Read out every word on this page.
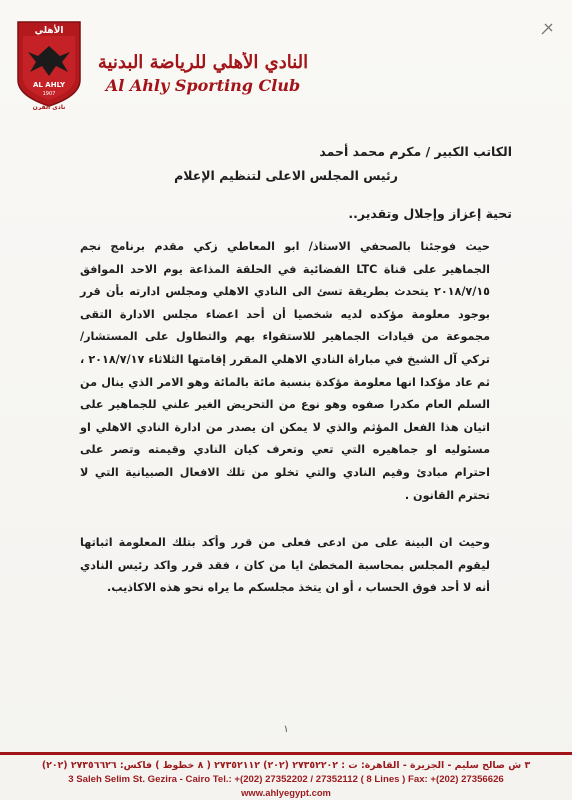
الأهلي
AL AHLY
1907
نادي القرن
النادي الأهلي للرياضة البدنية
Al Ahly Sporting Club
الكاتب الكبير / مكرم محمد أحمد
رئيس المجلس الاعلى لتنظيم الإعلام
تحية إعزاز وإجلال وتقدير..
حيث فوجئنا بالصحفي الاستاذ/ ابو المعاطي زكي مقدم برنامج نجم الجماهير على قناة LTC الفضائية في الحلقة المذاعة يوم الاحد الموافق ٢٠١٨/٧/١٥ يتحدث بطريقة تسئ الى النادي الاهلي ومجلس ادارته بأن قرر بوجود معلومة مؤكده لديه شخصيا أن أحد اعضاء مجلس الادارة التقى مجموعة من قيادات الجماهير للاستقواء بهم والتطاول على المستشار/ تركي آل الشيخ في مباراة النادي الاهلي المقرر إقامتها الثلاثاء ٢٠١٨/٧/١٧ ، ثم عاد مؤكدا انها معلومة مؤكدة بنسبة مائة بالمائة وهو الامر الذي ينال من السلم العام مكدرا صفوه وهو نوع من التحريض الغير علني للجماهير على اتيان هذا الفعل المؤثم والذي لا يمكن ان يصدر من ادارة النادي الاهلي او مسئوليه او جماهيره التي تعي وتعرف كيان النادي وقيمته وتصر على احترام مبادئ وقيم النادي والتي تخلو من تلك الافعال الصبيانية التي لا تحترم القانون .
وحيث ان البينة على من ادعى فعلى من قرر وأكد بتلك المعلومة اثباتها ليقوم المجلس بمحاسبة المخطئ ايا من كان ، فقد قرر واكد رئيس النادي أنه لا أحد فوق الحساب ، أو ان يتخذ مجلسكم ما يراه نحو هذه الاكاذيب.
١
٣ ش صالح سليم - الجزيرة - القاهرة: ت : ٢٧٣٥٢٢٠٢ (٢٠٢) ٢٧٣٥٢١١٢ ( ٨ خطوط ) فاكس: ٢٧٣٥٦٦٢٦ (٢٠٢)
3 Saleh Selim St. Gezira - Cairo Tel.: +(202) 27352202 / 27352112 ( 8 Lines ) Fax: +(202) 27356626
www.ahlyegypt.com
